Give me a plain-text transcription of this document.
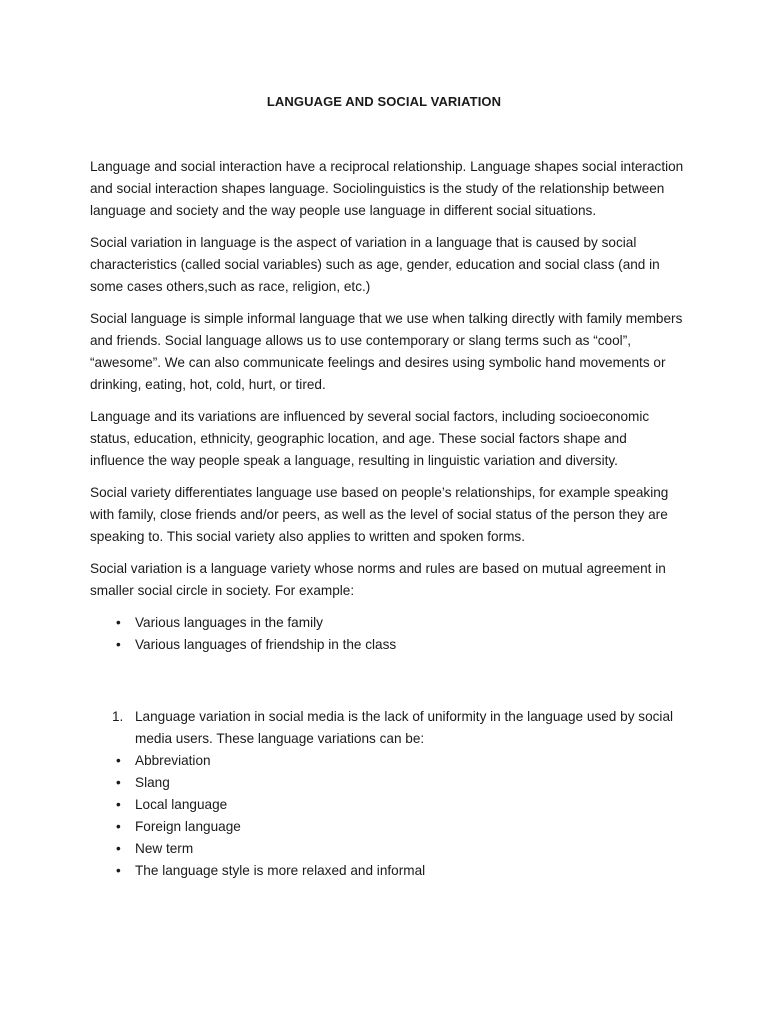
LANGUAGE AND SOCIAL VARIATION

Language and social interaction have a reciprocal relationship. Language shapes social interaction and social interaction shapes language. Sociolinguistics is the study of the relationship between language and society and the way people use language in different social situations.

Social variation in language is the aspect of variation in a language that is caused by social characteristics (called social variables) such as age, gender, education and social class (and in some cases others,such as race, religion, etc.)

Social language is simple informal language that we use when talking directly with family members and friends. Social language allows us to use contemporary or slang terms such as “cool”, “awesome”. We can also communicate feelings and desires using symbolic hand movements or drinking, eating, hot, cold, hurt, or tired.

Language and its variations are influenced by several social factors, including socioeconomic status, education, ethnicity, geographic location, and age. These social factors shape and influence the way people speak a language, resulting in linguistic variation and diversity.

Social variety differentiates language use based on people’s relationships, for example speaking with family, close friends and/or peers, as well as the level of social status of the person they are speaking to. This social variety also applies to written and spoken forms.

Social variation is a language variety whose norms and rules are based on mutual agreement in smaller social circle in society. For example:

• Various languages in the family
• Various languages of friendship in the class
1. Language variation in social media is the lack of uniformity in the language used by social media users. These language variations can be:
• Abbreviation
• Slang
• Local language
• Foreign language
• New term
• The language style is more relaxed and informal
